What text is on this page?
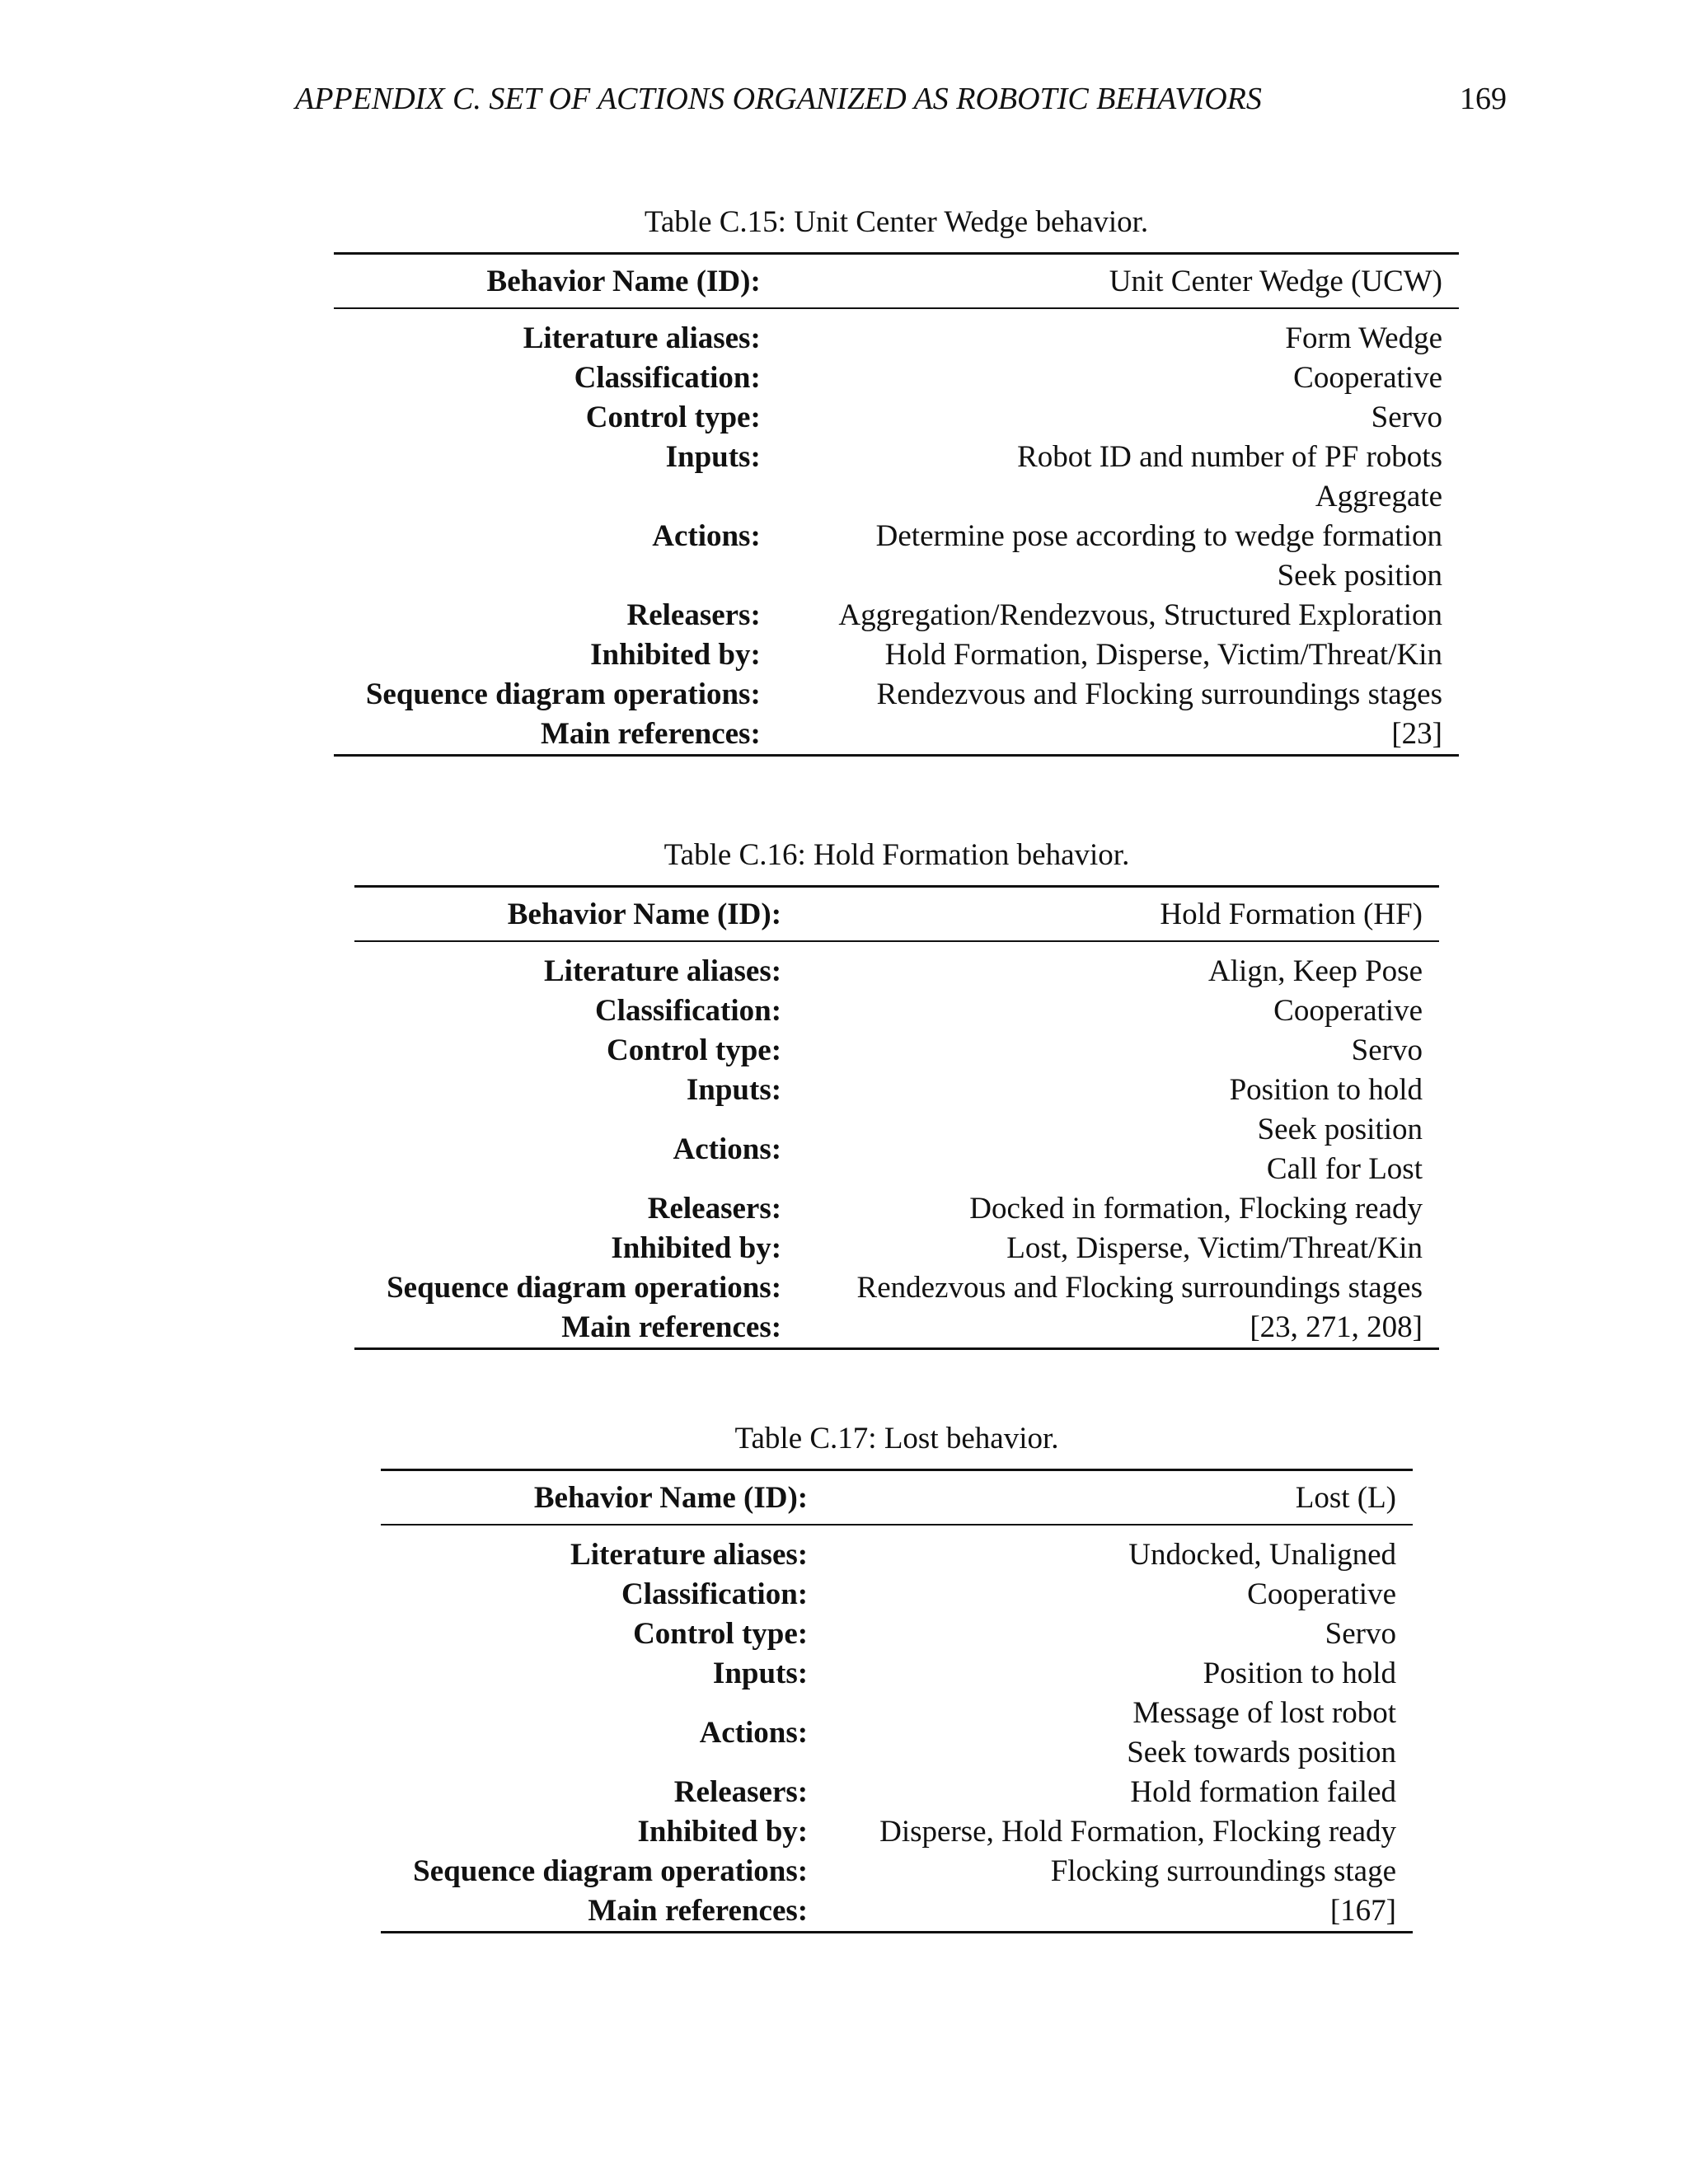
APPENDIX C. SET OF ACTIONS ORGANIZED AS ROBOTIC BEHAVIORS	169
Table C.15: Unit Center Wedge behavior.
Behavior Name (ID):	Unit Center Wedge (UCW)

Literature aliases:	Form Wedge

Classification:	Cooperative

Control type:	Servo

Inputs:	Robot ID and number of PF robots

Actions:	Aggregate
Determine pose according to wedge formation
Seek position

Releasers:	Aggregation/Rendezvous, Structured Exploration

Inhibited by:	Hold Formation, Disperse, Victim/Threat/Kin

Sequence diagram operations:	Rendezvous and Flocking surroundings stages

Main references:	[23]
Table C.16: Hold Formation behavior.
Behavior Name (ID):	Hold Formation (HF)

Literature aliases:	Align, Keep Pose

Classification:	Cooperative

Control type:	Servo

Inputs:	Position to hold

Actions:	Seek position
Call for Lost

Releasers:	Docked in formation, Flocking ready

Inhibited by:	Lost, Disperse, Victim/Threat/Kin

Sequence diagram operations:	Rendezvous and Flocking surroundings stages

Main references:	[23, 271, 208]
Table C.17: Lost behavior.
Behavior Name (ID):	Lost (L)

Literature aliases:	Undocked, Unaligned

Classification:	Cooperative

Control type:	Servo

Inputs:	Position to hold

Actions:	Message of lost robot
Seek towards position

Releasers:	Hold formation failed

Inhibited by:	Disperse, Hold Formation, Flocking ready

Sequence diagram operations:	Flocking surroundings stage

Main references:	[167]
